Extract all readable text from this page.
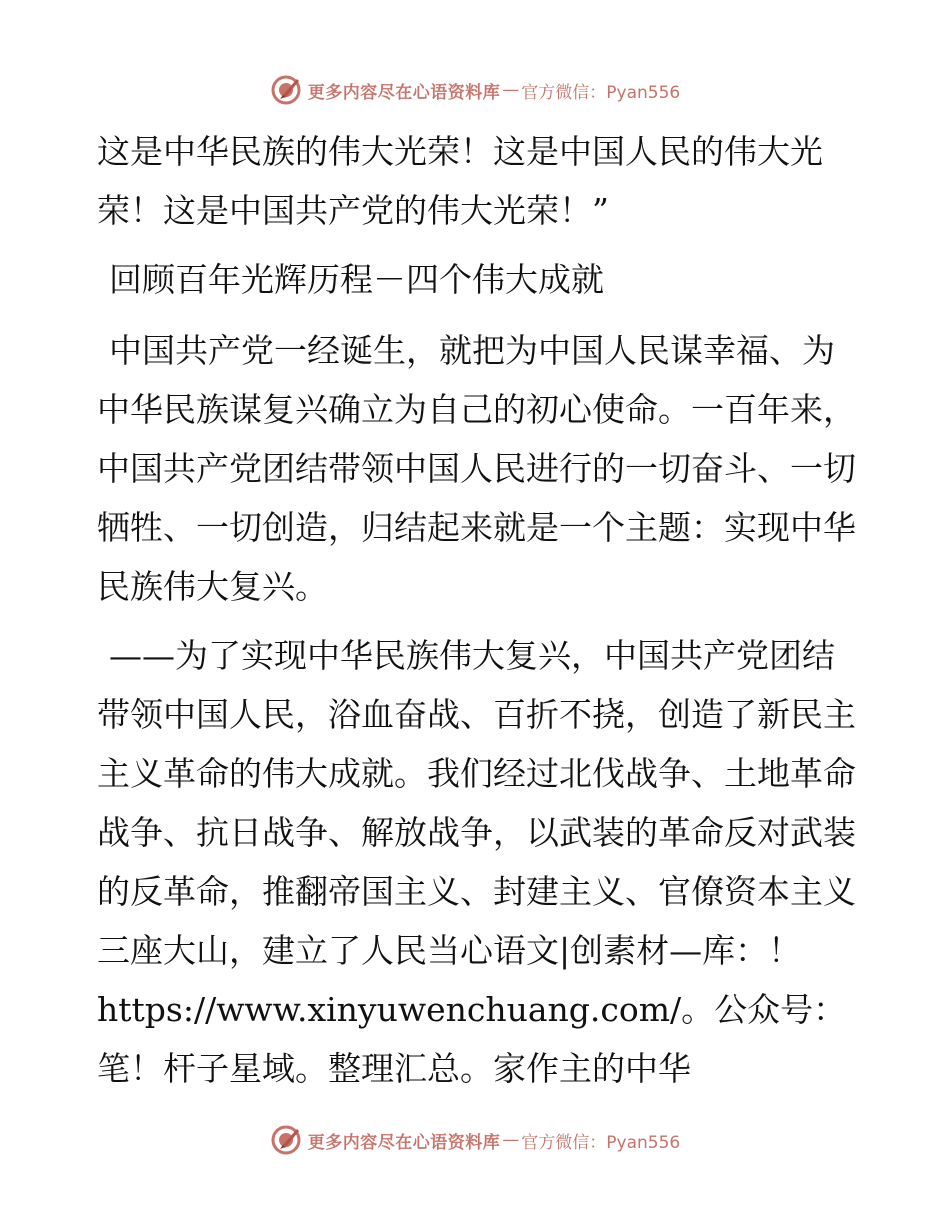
更多内容尽在心语资料库 — 官方微信：Pyan556

这是中华民族的伟大光荣！这是中国人民的伟大光荣！这是中国共产党的伟大光荣！”

回顾百年光辉历程－四个伟大成就

中国共产党一经诞生，就把为中国人民谋幸福、为中华民族谋复兴确立为自己的初心使命。一百年来，中国共产党团结带领中国人民进行的一切奋斗、一切牺牲、一切创造，归结起来就是一个主题：实现中华民族伟大复兴。

——为了实现中华民族伟大复兴，中国共产党团结带领中国人民，浴血奋战、百折不挠，创造了新民主主义革命的伟大成就。我们经过北伐战争、土地革命战争、抗日战争、解放战争，以武装的革命反对武装的反革命，推翻帝国主义、封建主义、官僚资本主义三座大山，建立了人民当心语文|创素材—库：！https://www.xinyuwenchuang.com/。公众号：笔！杆子星域。整理汇总。家作主的中华

更多内容尽在心语资料库 — 官方微信：Pyan556
